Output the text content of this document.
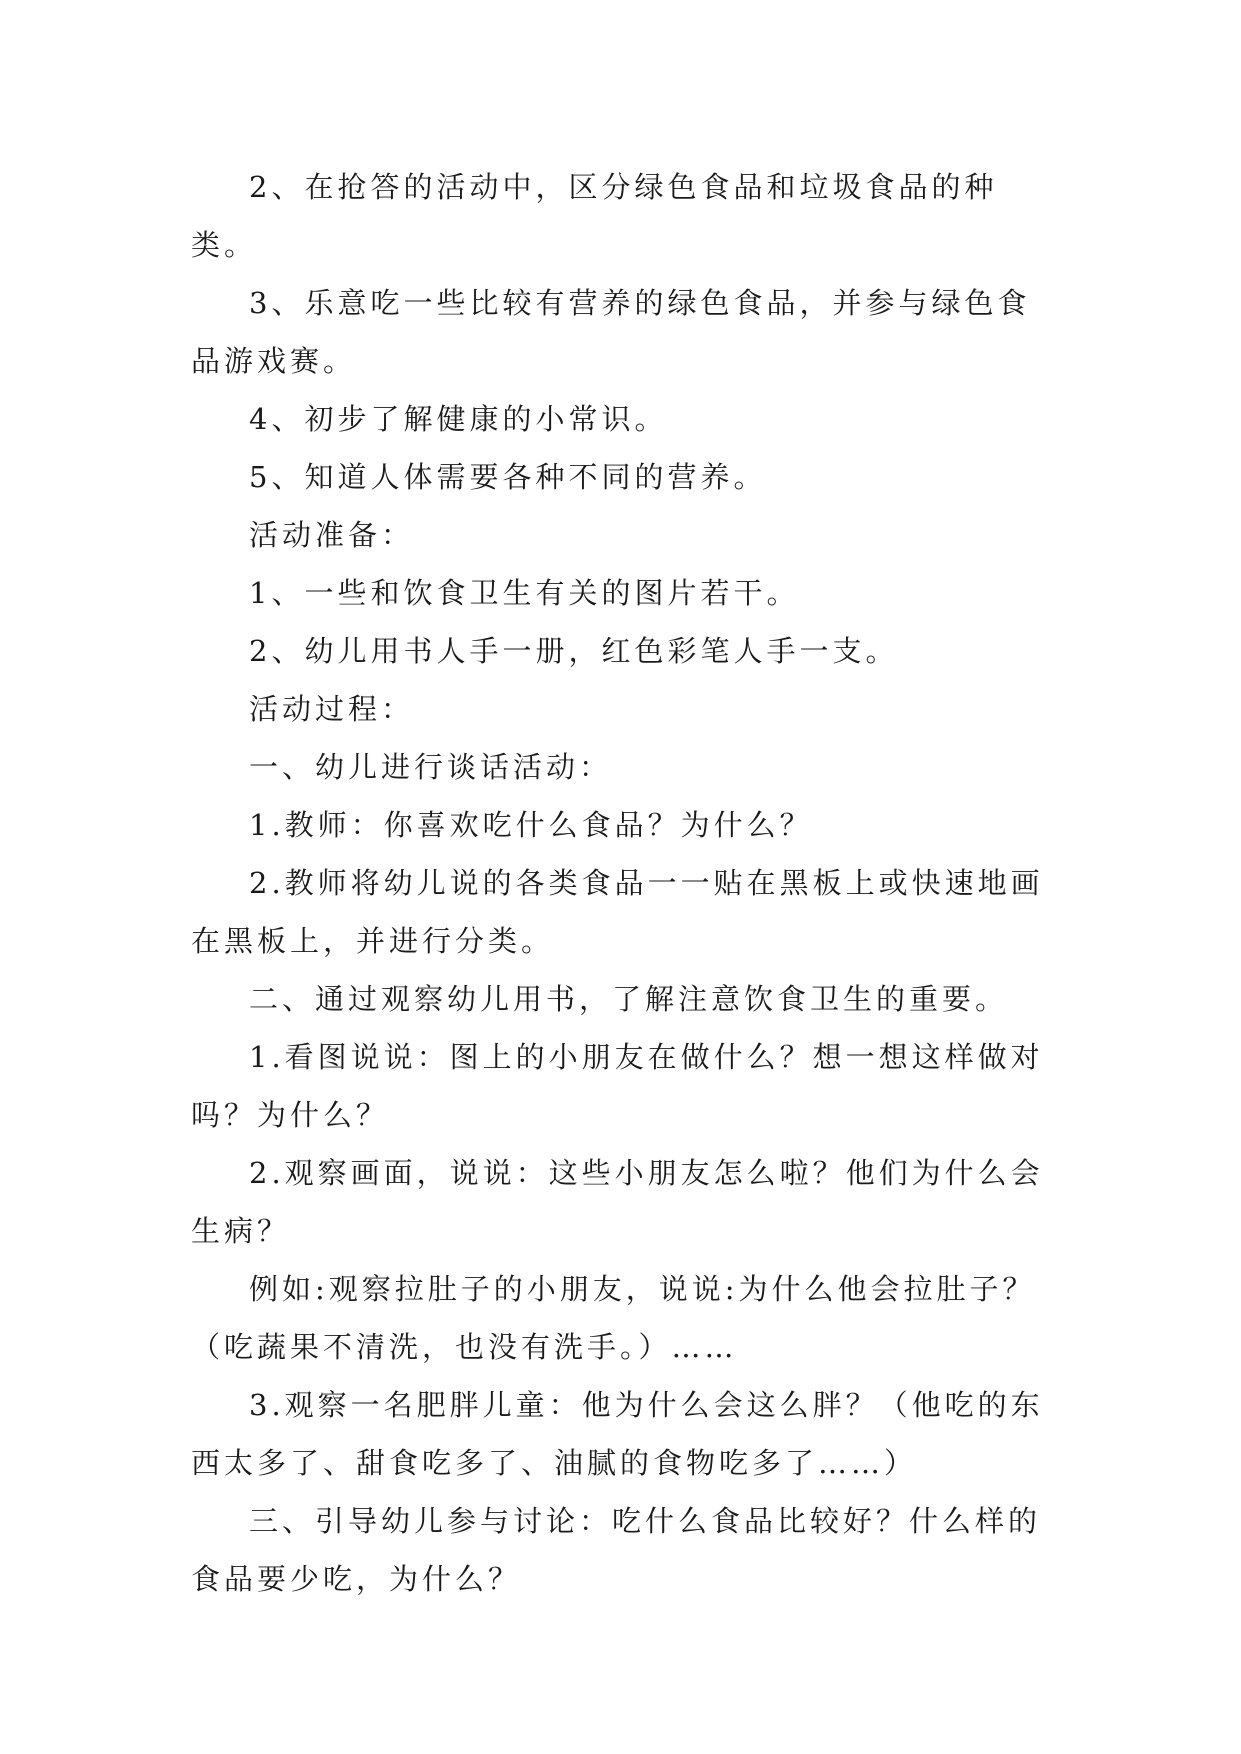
2、在抢答的活动中，区分绿色食品和垃圾食品的种类。

3、乐意吃一些比较有营养的绿色食品，并参与绿色食品游戏赛。

4、初步了解健康的小常识。

5、知道人体需要各种不同的营养。

活动准备：

1、一些和饮食卫生有关的图片若干。

2、幼儿用书人手一册，红色彩笔人手一支。

活动过程：

一、幼儿进行谈话活动：

1.教师：你喜欢吃什么食品？为什么？

2.教师将幼儿说的各类食品一一贴在黑板上或快速地画在黑板上，并进行分类。

二、通过观察幼儿用书，了解注意饮食卫生的重要。

1.看图说说：图上的小朋友在做什么？想一想这样做对吗？为什么？

2.观察画面，说说：这些小朋友怎么啦？他们为什么会生病？

例如:观察拉肚子的小朋友，说说:为什么他会拉肚子？（吃蔬果不清洗，也没有洗手。）……

3.观察一名肥胖儿童：他为什么会这么胖？（他吃的东西太多了、甜食吃多了、油腻的食物吃多了……）

三、引导幼儿参与讨论：吃什么食品比较好？什么样的食品要少吃，为什么？
